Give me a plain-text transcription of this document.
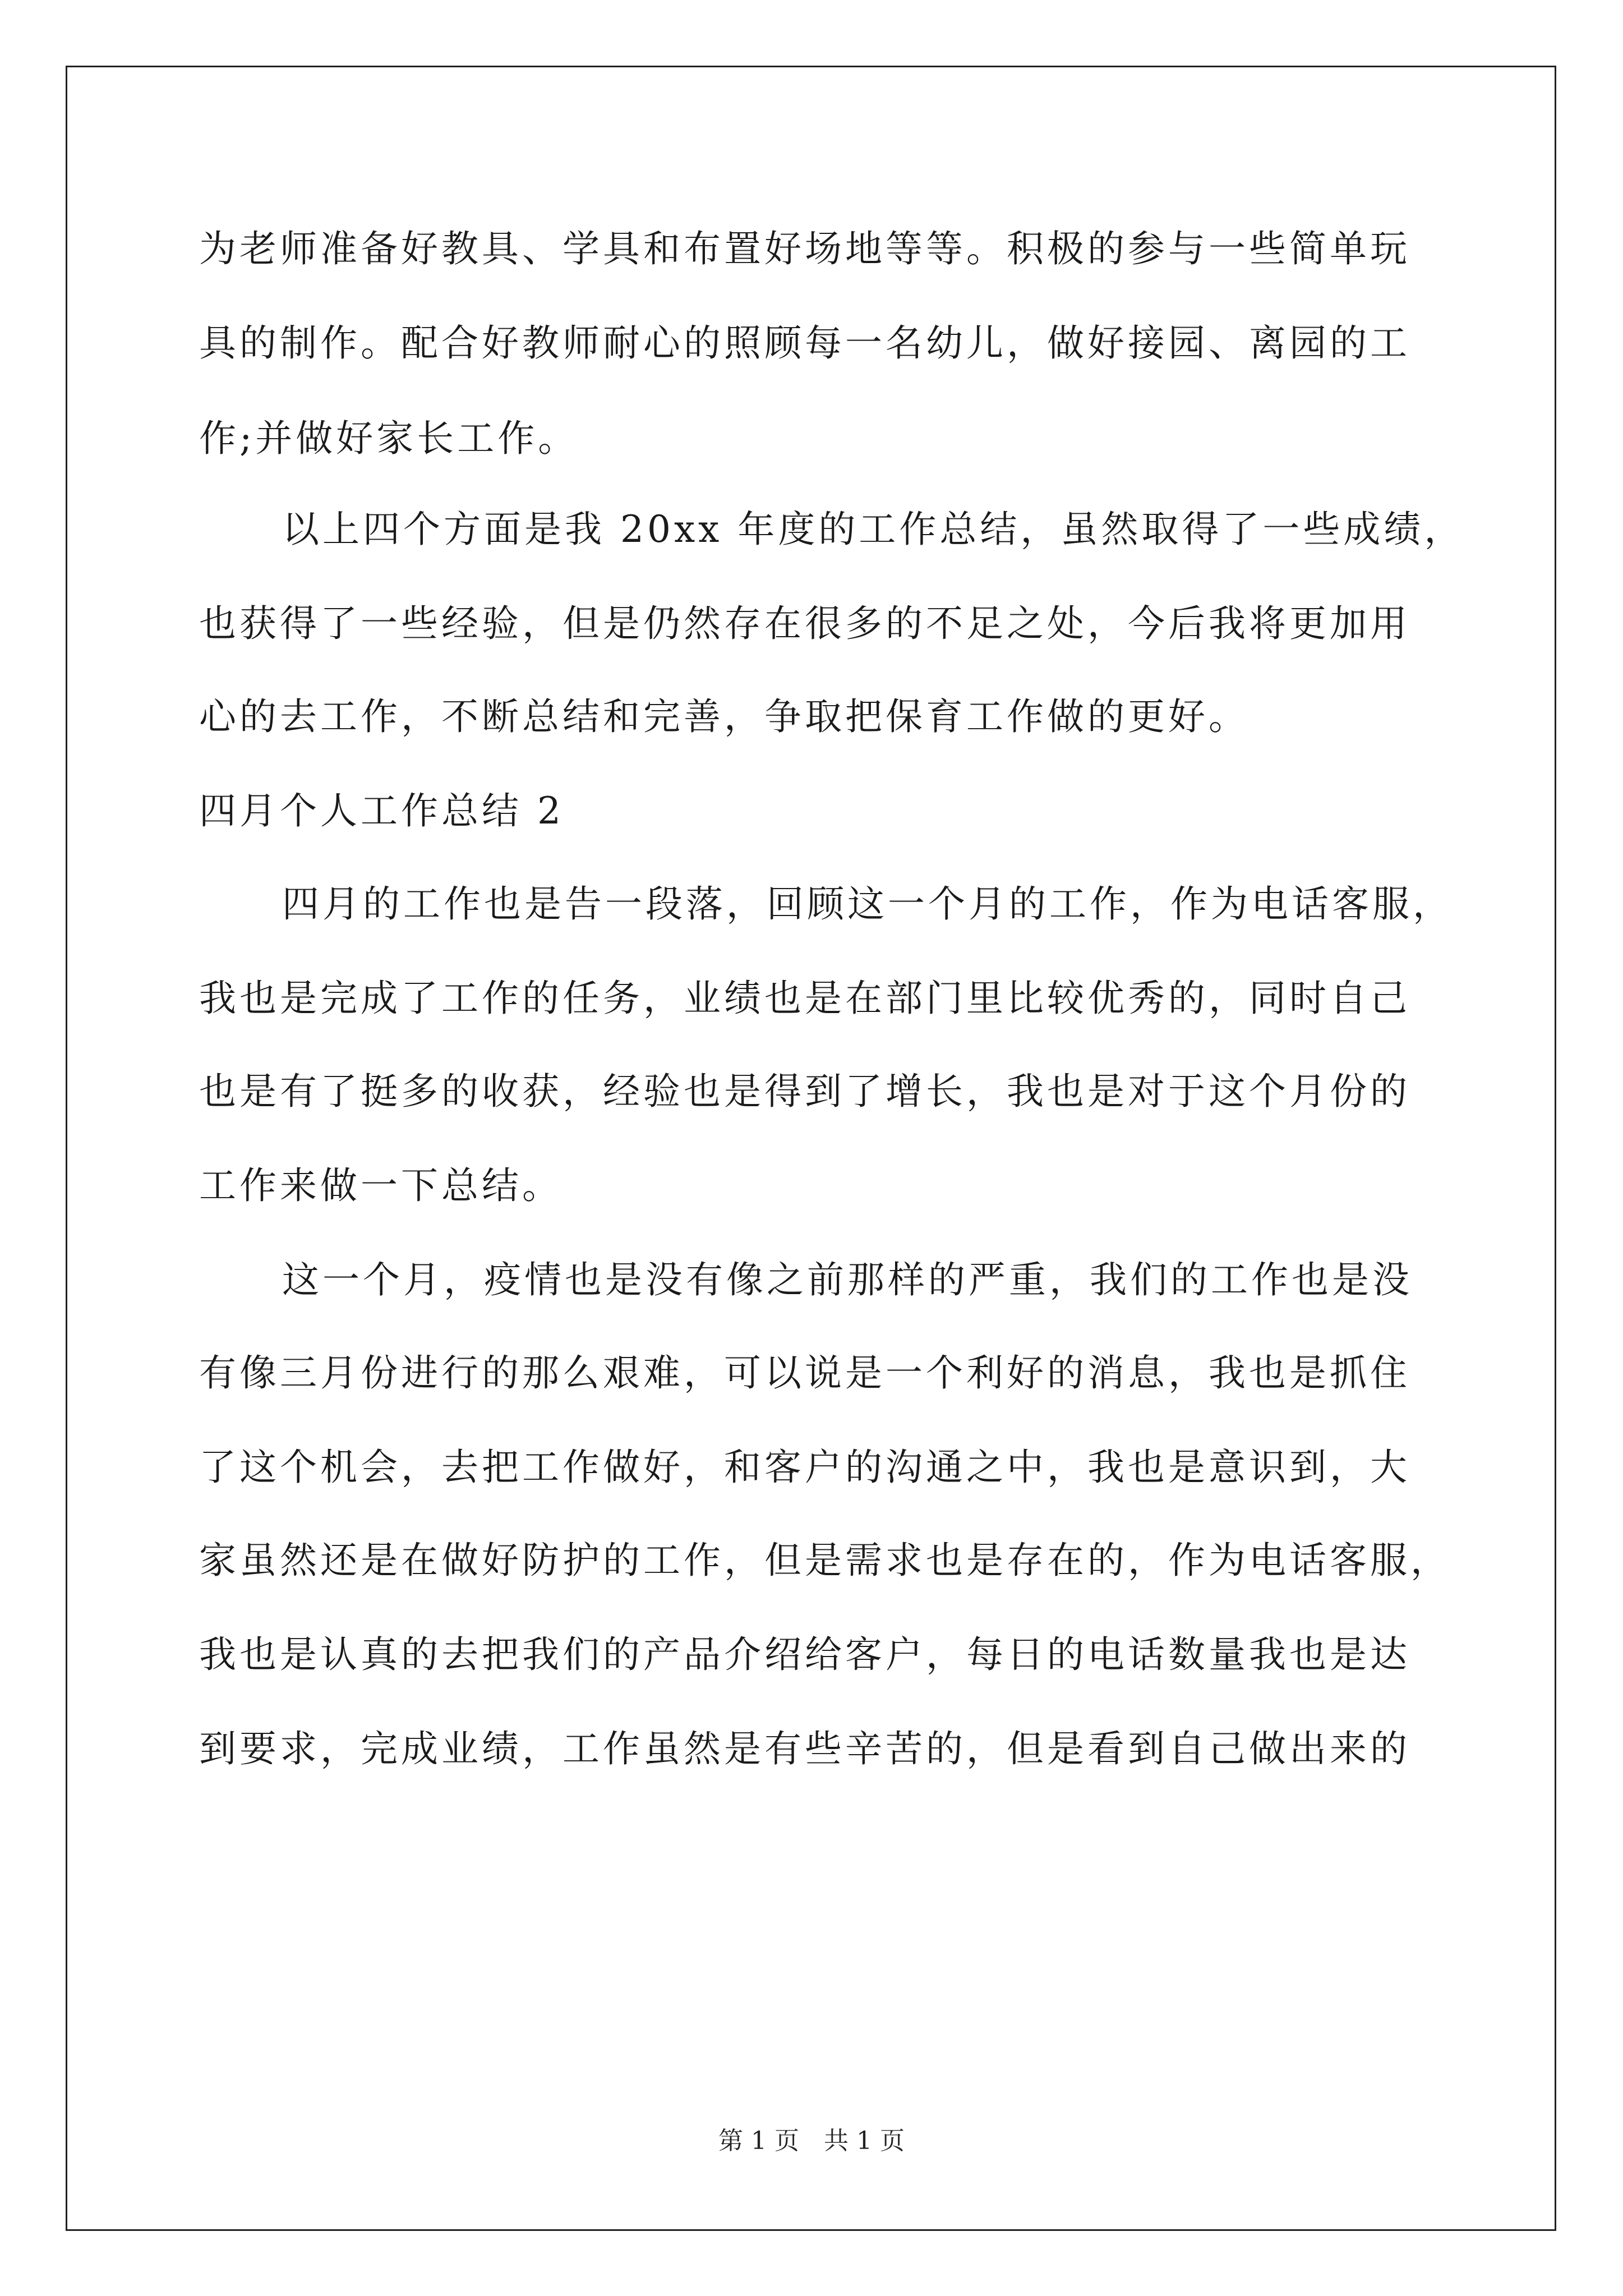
为老师准备好教具、学具和布置好场地等等。积极的参与一些简单玩
具的制作。配合好教师耐心的照顾每一名幼儿，做好接园、离园的工
作;并做好家长工作。
以上四个方面是我 20xx 年度的工作总结，虽然取得了一些成绩，
也获得了一些经验，但是仍然存在很多的不足之处，今后我将更加用
心的去工作，不断总结和完善，争取把保育工作做的更好。
四月个人工作总结 2
四月的工作也是告一段落，回顾这一个月的工作，作为电话客服，
我也是完成了工作的任务，业绩也是在部门里比较优秀的，同时自己
也是有了挺多的收获，经验也是得到了增长，我也是对于这个月份的
工作来做一下总结。
这一个月，疫情也是没有像之前那样的严重，我们的工作也是没
有像三月份进行的那么艰难，可以说是一个利好的消息，我也是抓住
了这个机会，去把工作做好，和客户的沟通之中，我也是意识到，大
家虽然还是在做好防护的工作，但是需求也是存在的，作为电话客服，
我也是认真的去把我们的产品介绍给客户，每日的电话数量我也是达
到要求，完成业绩，工作虽然是有些辛苦的，但是看到自己做出来的
第 1 页　共 1 页
